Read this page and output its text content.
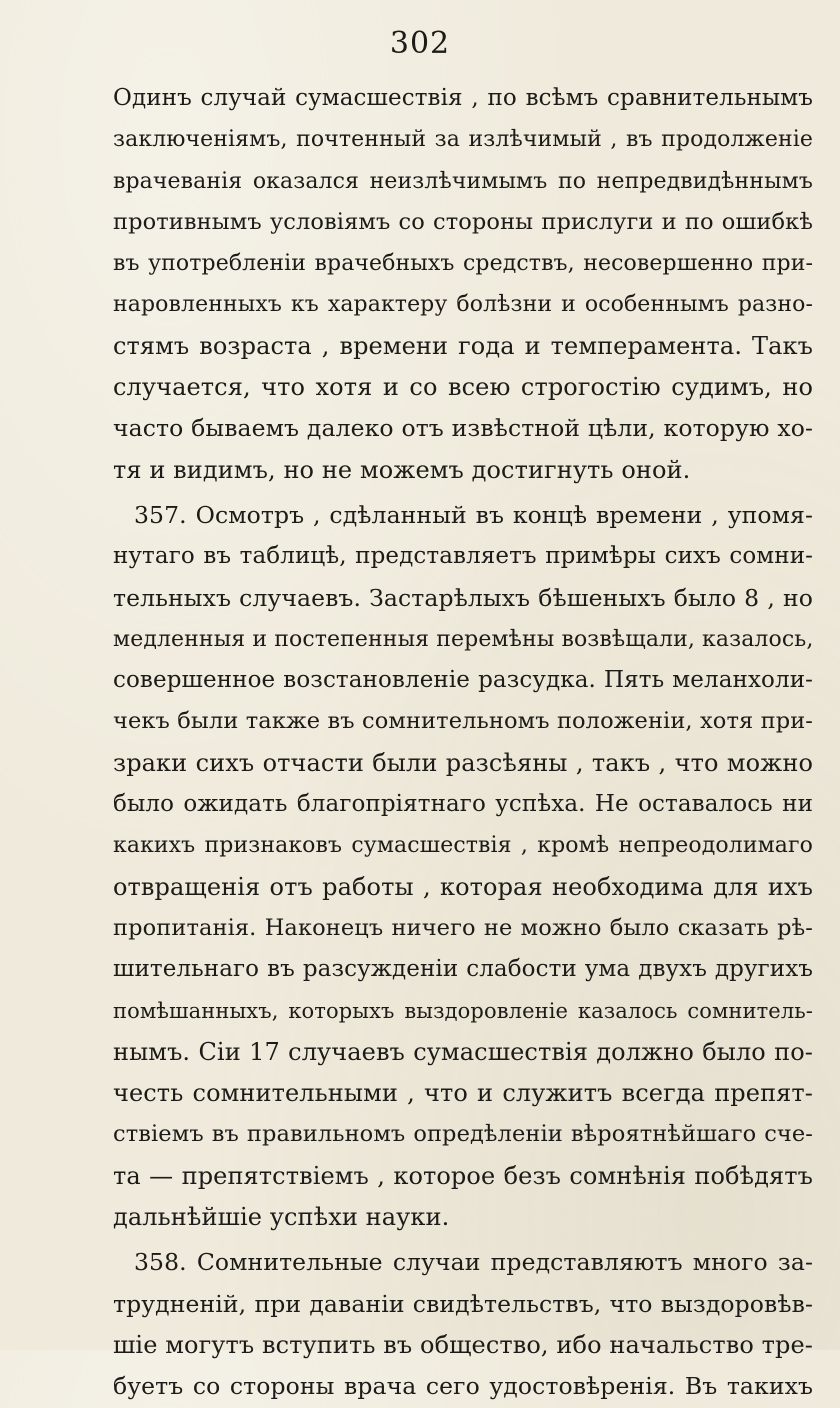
302
Одинъ случай сумасшествія , по всѣмъ сравнительнымъ
заключеніямъ, почтенный за излѣчимый , въ продолженіе
врачеванія оказался неизлѣчимымъ по непредвидѣннымъ
противнымъ условіямъ со стороны прислуги и по ошибкѣ
въ употребленіи врачебныхъ средствъ, несовершенно при-
наровленныхъ къ характеру болѣзни и особеннымъ разно-
стямъ возраста , времени года и темперамента. Такъ
случается, что хотя и со всею строгостію судимъ, но
часто бываемъ далеко отъ извѣстной цѣли, которую хо-
тя и видимъ, но не можемъ достигнуть оной.
357. Осмотръ , сдѣланный въ концѣ времени , упомя-
нутаго въ таблицѣ, представляетъ примѣры сихъ сомни-
тельныхъ случаевъ. Застарѣлыхъ бѣшеныхъ было 8 , но
медленныя и постепенныя перемѣны возвѣщали, казалось,
совершенное возстановленіе разсудка. Пять меланхоли-
чекъ были также въ сомнительномъ положеніи, хотя при-
зраки сихъ отчасти были разсѣяны , такъ , что можно
было ожидать благопріятнаго успѣха. Не оставалось ни
какихъ признаковъ сумасшествія , кромѣ непреодолимаго
отвращенія отъ работы , которая необходима для ихъ
пропитанія. Наконецъ ничего не можно было сказать рѣ-
шительнаго въ разсужденіи слабости ума двухъ другихъ
помѣшанныхъ, которыхъ выздоровленіе казалось сомнитель-
нымъ. Сіи 17 случаевъ сумасшествія должно было по-
честь сомнительными , что и служитъ всегда препят-
ствіемъ въ правильномъ опредѣленіи вѣроятнѣйшаго сче-
та — препятствіемъ , которое безъ сомнѣнія побѣдятъ
дальнѣйшіе успѣхи науки.
358. Сомнительные случаи представляютъ много за-
трудненій, при даваніи свидѣтельствъ, что выздоровѣв-
шіе могутъ вступить въ общество, ибо начальство тре-
буетъ со стороны врача сего удостовѣренія. Въ такихъ
